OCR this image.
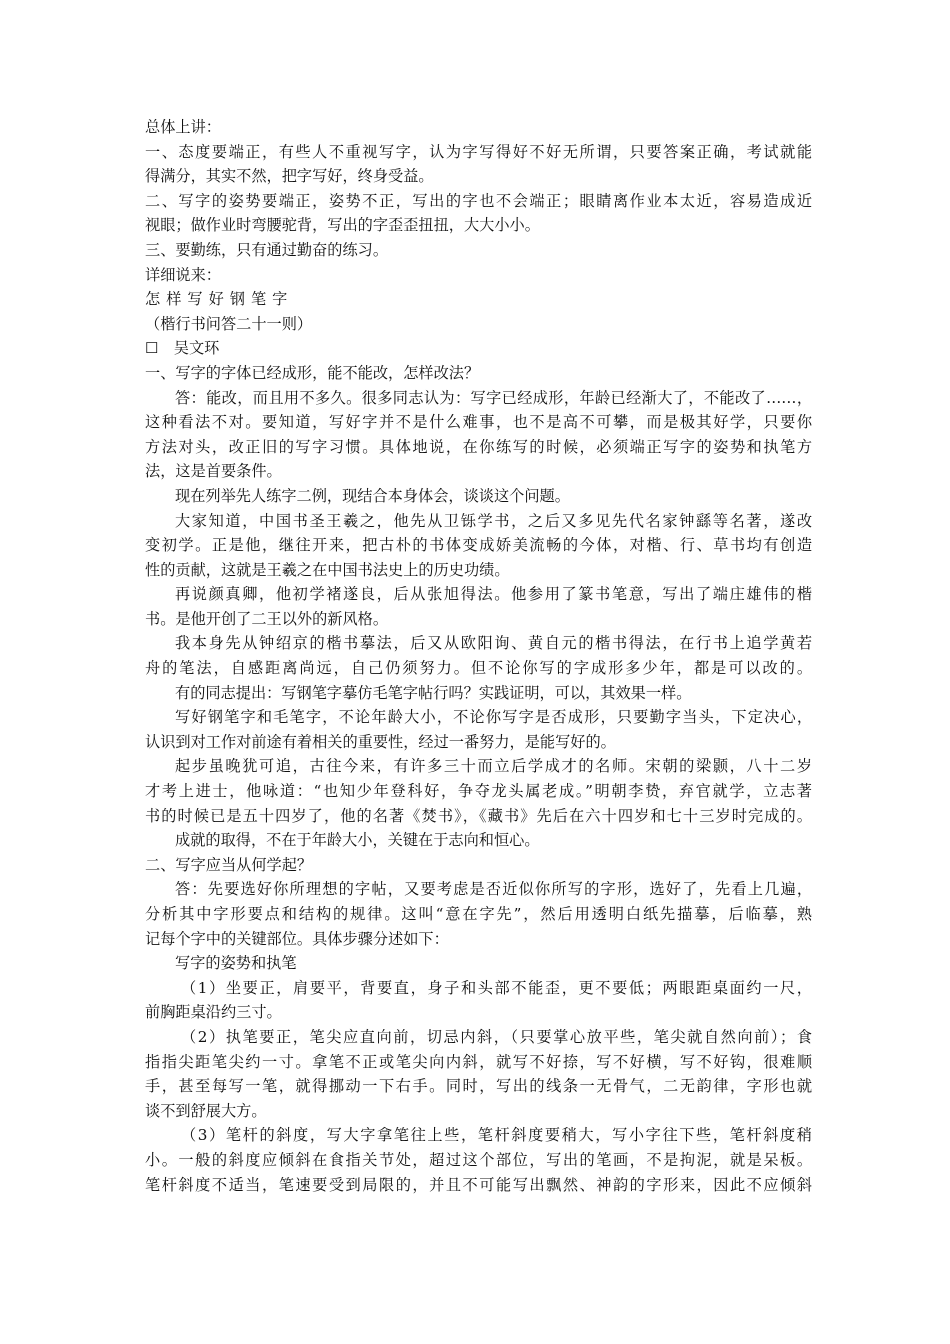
总体上讲：
一、态度要端正，有些人不重视写字，认为字写得好不好无所谓，只要答案正确，考试就能
得满分，其实不然，把字写好，终身受益。
二、写字的姿势要端正，姿势不正，写出的字也不会端正；眼睛离作业本太近，容易造成近
视眼；做作业时弯腰驼背，写出的字歪歪扭扭，大大小小。
三、要勤练，只有通过勤奋的练习。
详细说来：
怎样写好钢笔字
（楷行书问答二十一则）
☐　吴文环
一、写字的字体已经成形，能不能改，怎样改法？
答：能改，而且用不多久。很多同志认为：写字已经成形，年龄已经渐大了，不能改了……，
这种看法不对。要知道，写好字并不是什么难事，也不是高不可攀，而是极其好学，只要你
方法对头，改正旧的写字习惯。具体地说，在你练写的时候，必须端正写字的姿势和执笔方
法，这是首要条件。
现在列举先人练字二例，现结合本身体会，谈谈这个问题。
大家知道，中国书圣王羲之，他先从卫铄学书，之后又多见先代名家钟繇等名著，遂改
变初学。正是他，继往开来，把古朴的书体变成娇美流畅的今体，对楷、行、草书均有创造
性的贡献，这就是王羲之在中国书法史上的历史功绩。
再说颜真卿，他初学褚遂良，后从张旭得法。他参用了篆书笔意，写出了端庄雄伟的楷
书。是他开创了二王以外的新风格。
我本身先从钟绍京的楷书摹法，后又从欧阳询、黄自元的楷书得法，在行书上追学黄若
舟的笔法，自感距离尚远，自己仍须努力。但不论你写的字成形多少年，都是可以改的。
有的同志提出：写钢笔字摹仿毛笔字帖行吗？实践证明，可以，其效果一样。
写好钢笔字和毛笔字，不论年龄大小，不论你写字是否成形，只要勤字当头，下定决心，
认识到对工作对前途有着相关的重要性，经过一番努力，是能写好的。
起步虽晚犹可追，古往今来，有许多三十而立后学成才的名师。宋朝的梁颢，八十二岁
才考上进士，他咏道：“也知少年登科好，争夺龙头属老成。”明朝李贽，弃官就学，立志著
书的时候已是五十四岁了，他的名著《焚书》，《藏书》先后在六十四岁和七十三岁时完成的。
成就的取得，不在于年龄大小，关键在于志向和恒心。
二、写字应当从何学起？
答：先要选好你所理想的字帖，又要考虑是否近似你所写的字形，选好了，先看上几遍，
分析其中字形要点和结构的规律。这叫“意在字先”，然后用透明白纸先描摹，后临摹，熟
记每个字中的关键部位。具体步骤分述如下：
写字的姿势和执笔
（1）坐要正，肩要平，背要直，身子和头部不能歪，更不要低；两眼距桌面约一尺，
前胸距桌沿约三寸。
（2）执笔要正，笔尖应直向前，切忌内斜，（只要掌心放平些，笔尖就自然向前）；食
指指尖距笔尖约一寸。拿笔不正或笔尖向内斜，就写不好捺，写不好横，写不好钩，很难顺
手，甚至每写一笔，就得挪动一下右手。同时，写出的线条一无骨气，二无韵律，字形也就
谈不到舒展大方。
（3）笔杆的斜度，写大字拿笔往上些，笔杆斜度要稍大，写小字往下些，笔杆斜度稍
小。一般的斜度应倾斜在食指关节处，超过这个部位，写出的笔画，不是拘泥，就是呆板。
笔杆斜度不适当，笔速要受到局限的，并且不可能写出飘然、神韵的字形来，因此不应倾斜
